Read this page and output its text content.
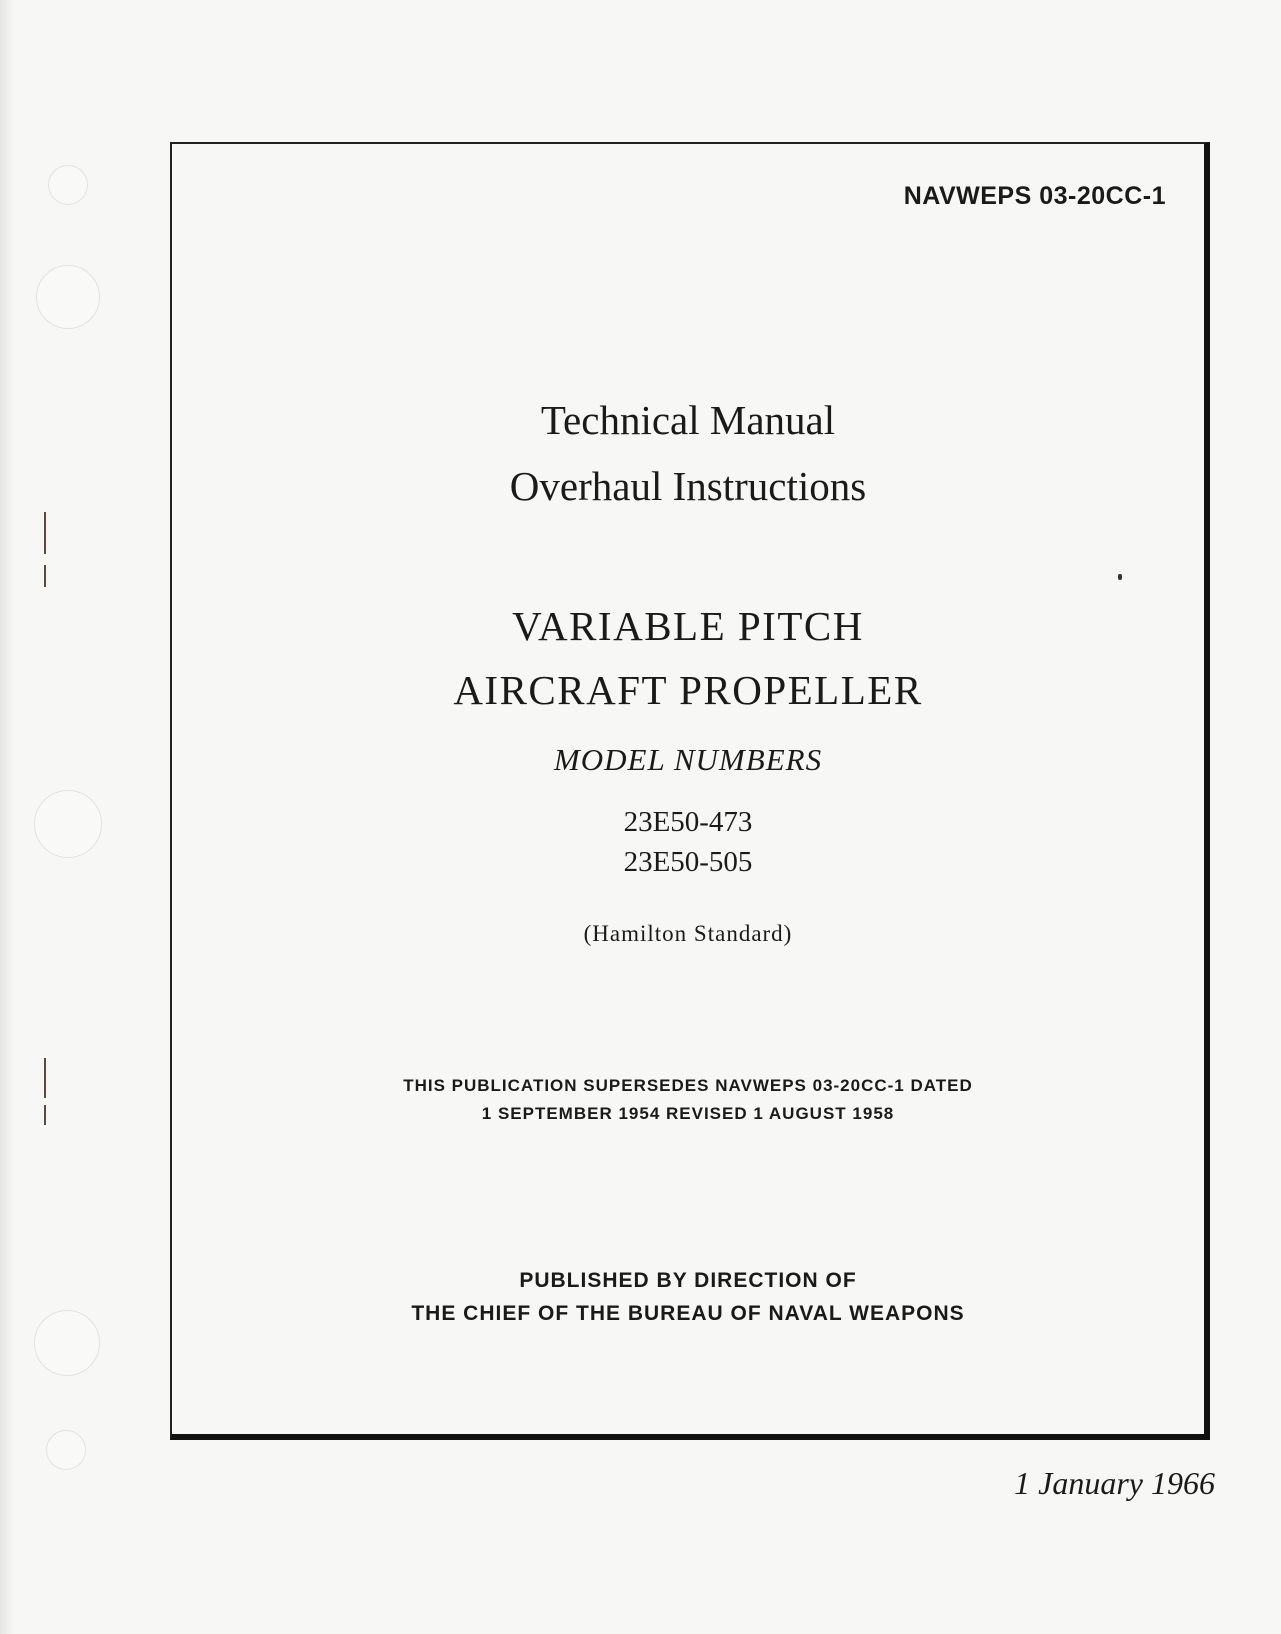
NAVWEPS 03-20CC-1
Technical Manual
Overhaul Instructions
VARIABLE PITCH
AIRCRAFT PROPELLER
MODEL NUMBERS
23E50-473
23E50-505
(Hamilton Standard)
THIS PUBLICATION SUPERSEDES NAVWEPS 03-20CC-1 DATED
1 SEPTEMBER 1954 REVISED 1 AUGUST 1958
PUBLISHED BY DIRECTION OF
THE CHIEF OF THE BUREAU OF NAVAL WEAPONS
1 January 1966
